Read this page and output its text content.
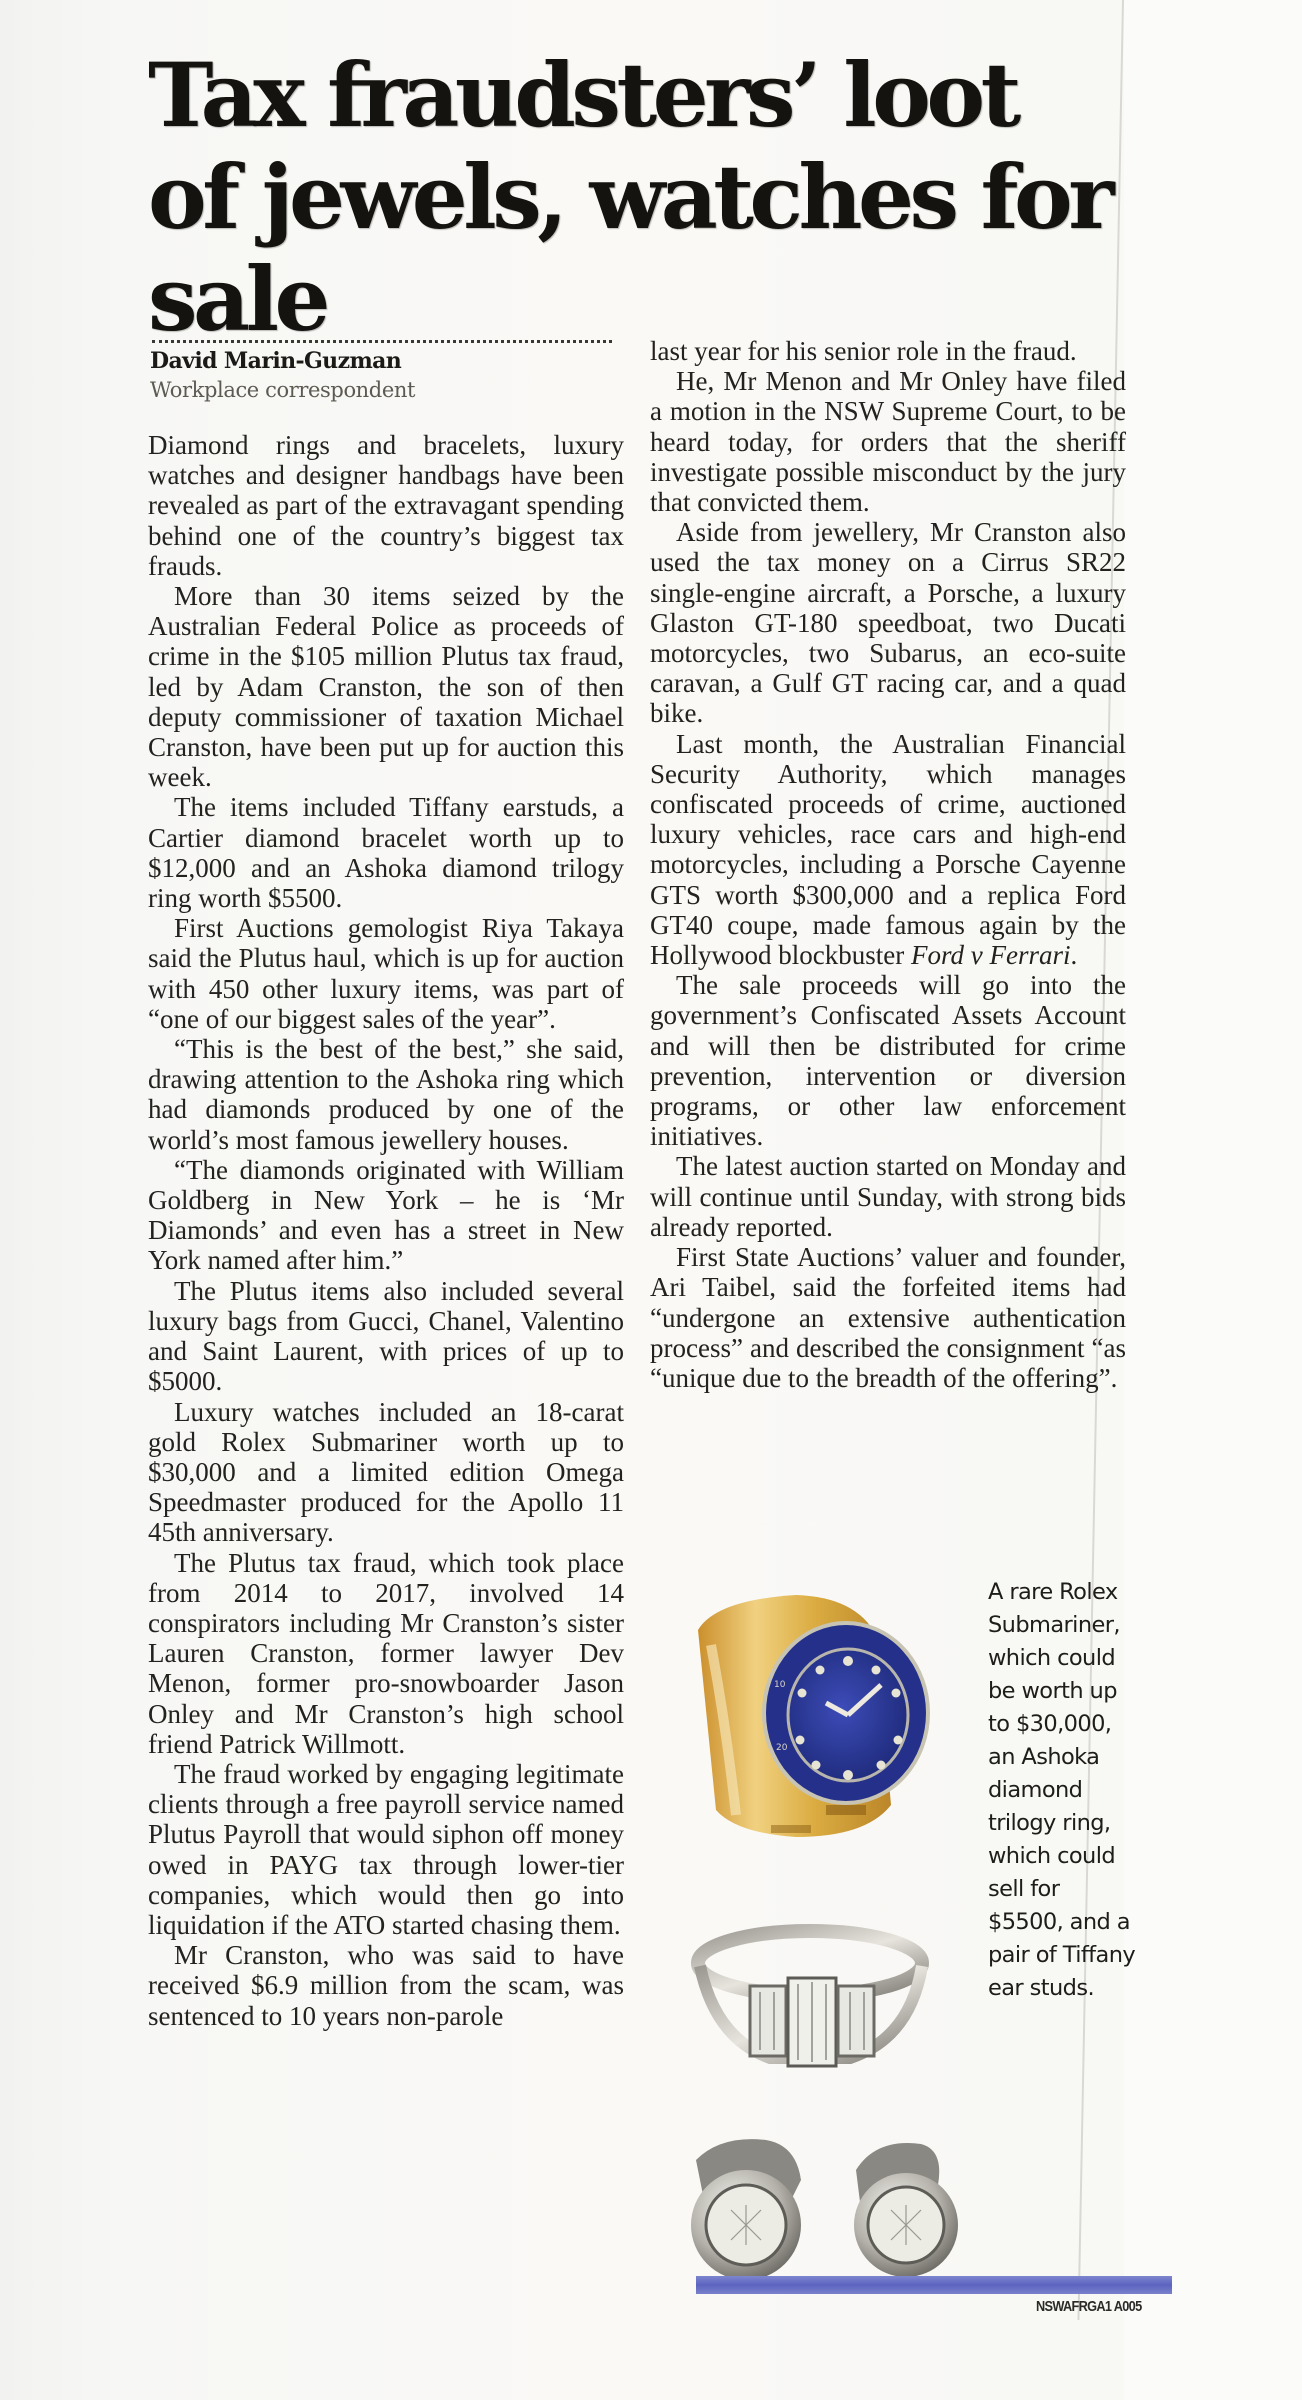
Tax fraudsters’ loot of jewels, watches for sale
David Marin-Guzman
Workplace correspondent

Diamond rings and bracelets, luxury watches and designer handbags have been revealed as part of the extravagant spending behind one of the country’s biggest tax frauds.

More than 30 items seized by the Australian Federal Police as proceeds of crime in the $105 million Plutus tax fraud, led by Adam Cranston, the son of then deputy commissioner of taxation Michael Cranston, have been put up for auction this week.

The items included Tiffany earstuds, a Cartier diamond bracelet worth up to $12,000 and an Ashoka diamond trilogy ring worth $5500.

First Auctions gemologist Riya Takaya said the Plutus haul, which is up for auction with 450 other luxury items, was part of “one of our biggest sales of the year”.

“This is the best of the best,” she said, drawing attention to the Ashoka ring which had diamonds produced by one of the world’s most famous jewellery houses.

“The diamonds originated with William Goldberg in New York – he is ‘Mr Diamonds’ and even has a street in New York named after him.”

The Plutus items also included several luxury bags from Gucci, Chanel, Valentino and Saint Laurent, with prices of up to $5000.

Luxury watches included an 18-carat gold Rolex Submariner worth up to $30,000 and a limited edition Omega Speedmaster produced for the Apollo 11 45th anniversary.

The Plutus tax fraud, which took place from 2014 to 2017, involved 14 conspirators including Mr Cranston’s sister Lauren Cranston, former lawyer Dev Menon, former pro-snowboarder Jason Onley and Mr Cranston’s high school friend Patrick Willmott.

The fraud worked by engaging legitimate clients through a free payroll service named Plutus Payroll that would siphon off money owed in PAYG tax through lower-tier companies, which would then go into liquidation if the ATO started chasing them.

Mr Cranston, who was said to have received $6.9 million from the scam, was sentenced to 10 years non-parole

last year for his senior role in the fraud.

He, Mr Menon and Mr Onley have filed a motion in the NSW Supreme Court, to be heard today, for orders that the sheriff investigate possible misconduct by the jury that convicted them.

Aside from jewellery, Mr Cranston also used the tax money on a Cirrus SR22 single-engine aircraft, a Porsche, a luxury Glaston GT-180 speedboat, two Ducati motorcycles, two Subarus, an eco-suite caravan, a Gulf GT racing car, and a quad bike.

Last month, the Australian Financial Security Authority, which manages confiscated proceeds of crime, auctioned luxury vehicles, race cars and high-end motorcycles, including a Porsche Cayenne GTS worth $300,000 and a replica Ford GT40 coupe, made famous again by the Hollywood blockbuster Ford v Ferrari.

The sale proceeds will go into the government’s Confiscated Assets Account and will then be distributed for crime prevention, intervention or diversion programs, or other law enforcement initiatives.

The latest auction started on Monday and will continue until Sunday, with strong bids already reported.

First State Auctions’ valuer and founder, Ari Taibel, said the forfeited items had “undergone an extensive authentication process” and described the consignment “as “unique due to the breadth of the offering”.

10
20
A rare Rolex Submariner, which could be worth up to $30,000, an Ashoka diamond trilogy ring, which could sell for $5500, and a pair of Tiffany ear studs.
NSWAFRGA1 A005
